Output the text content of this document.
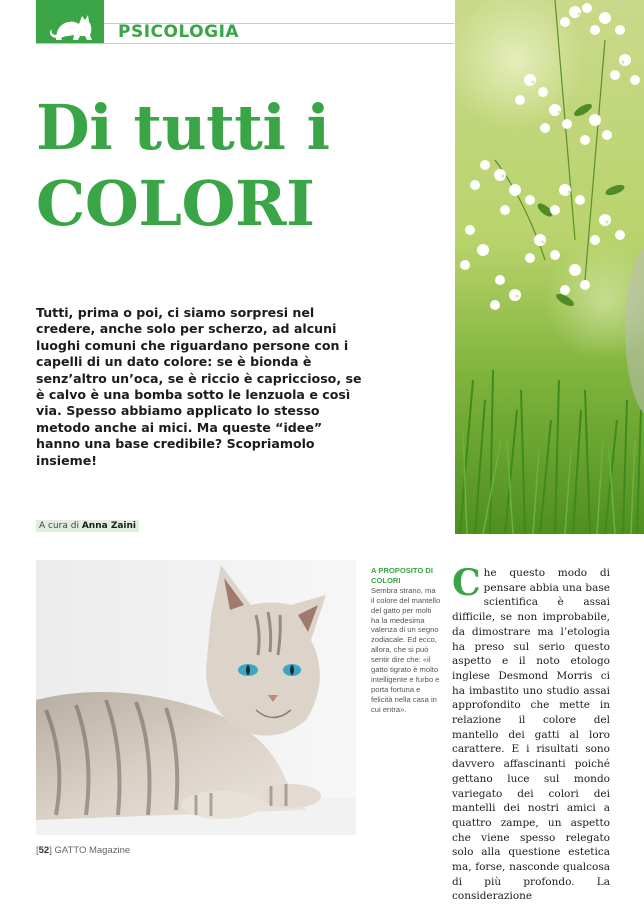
PSICOLOGIA
Di tutti i
COLORI

Tutti, prima o poi, ci siamo sorpresi nel credere, anche solo per scherzo, ad alcuni luoghi comuni che riguardano persone con i capelli di un dato colore: se è bionda è senz’altro un’oca, se è riccio è capriccioso, se è calvo è una bomba sotto le lenzuola e così via. Spesso abbiamo applicato lo stesso metodo anche ai mici. Ma queste “idee” hanno una base credibile? Scopriamolo insieme!

A cura di Anna Zaini
A PROPOSITO DI COLORI
Sembra strano, ma il colore del mantello del gatto per molti ha la medesima valenza di un segno zodiacale. Ed ecco, allora, che si può sentir dire che: «il gatto tigrato è molto intelligente e furbo e porta fortuna e felicità nella casa in cui entra».

Che questo modo di pensare abbia una base scientifica è assai difficile, se non improbabile, da dimostrare ma l’etologia ha preso sul serio questo aspetto e il noto etologo inglese Desmond Morris ci ha imbastito uno studio assai approfondito che mette in relazione il colore del mantello dei gatti al loro carattere. E i risultati sono davvero affascinanti poiché gettano luce sul mondo variegato dei colori dei mantelli dei nostri amici a quattro zampe, un aspetto che viene spesso relegato solo alla questione estetica ma, forse, nasconde qualcosa di più profondo. La considerazione

[52] GATTO Magazine
